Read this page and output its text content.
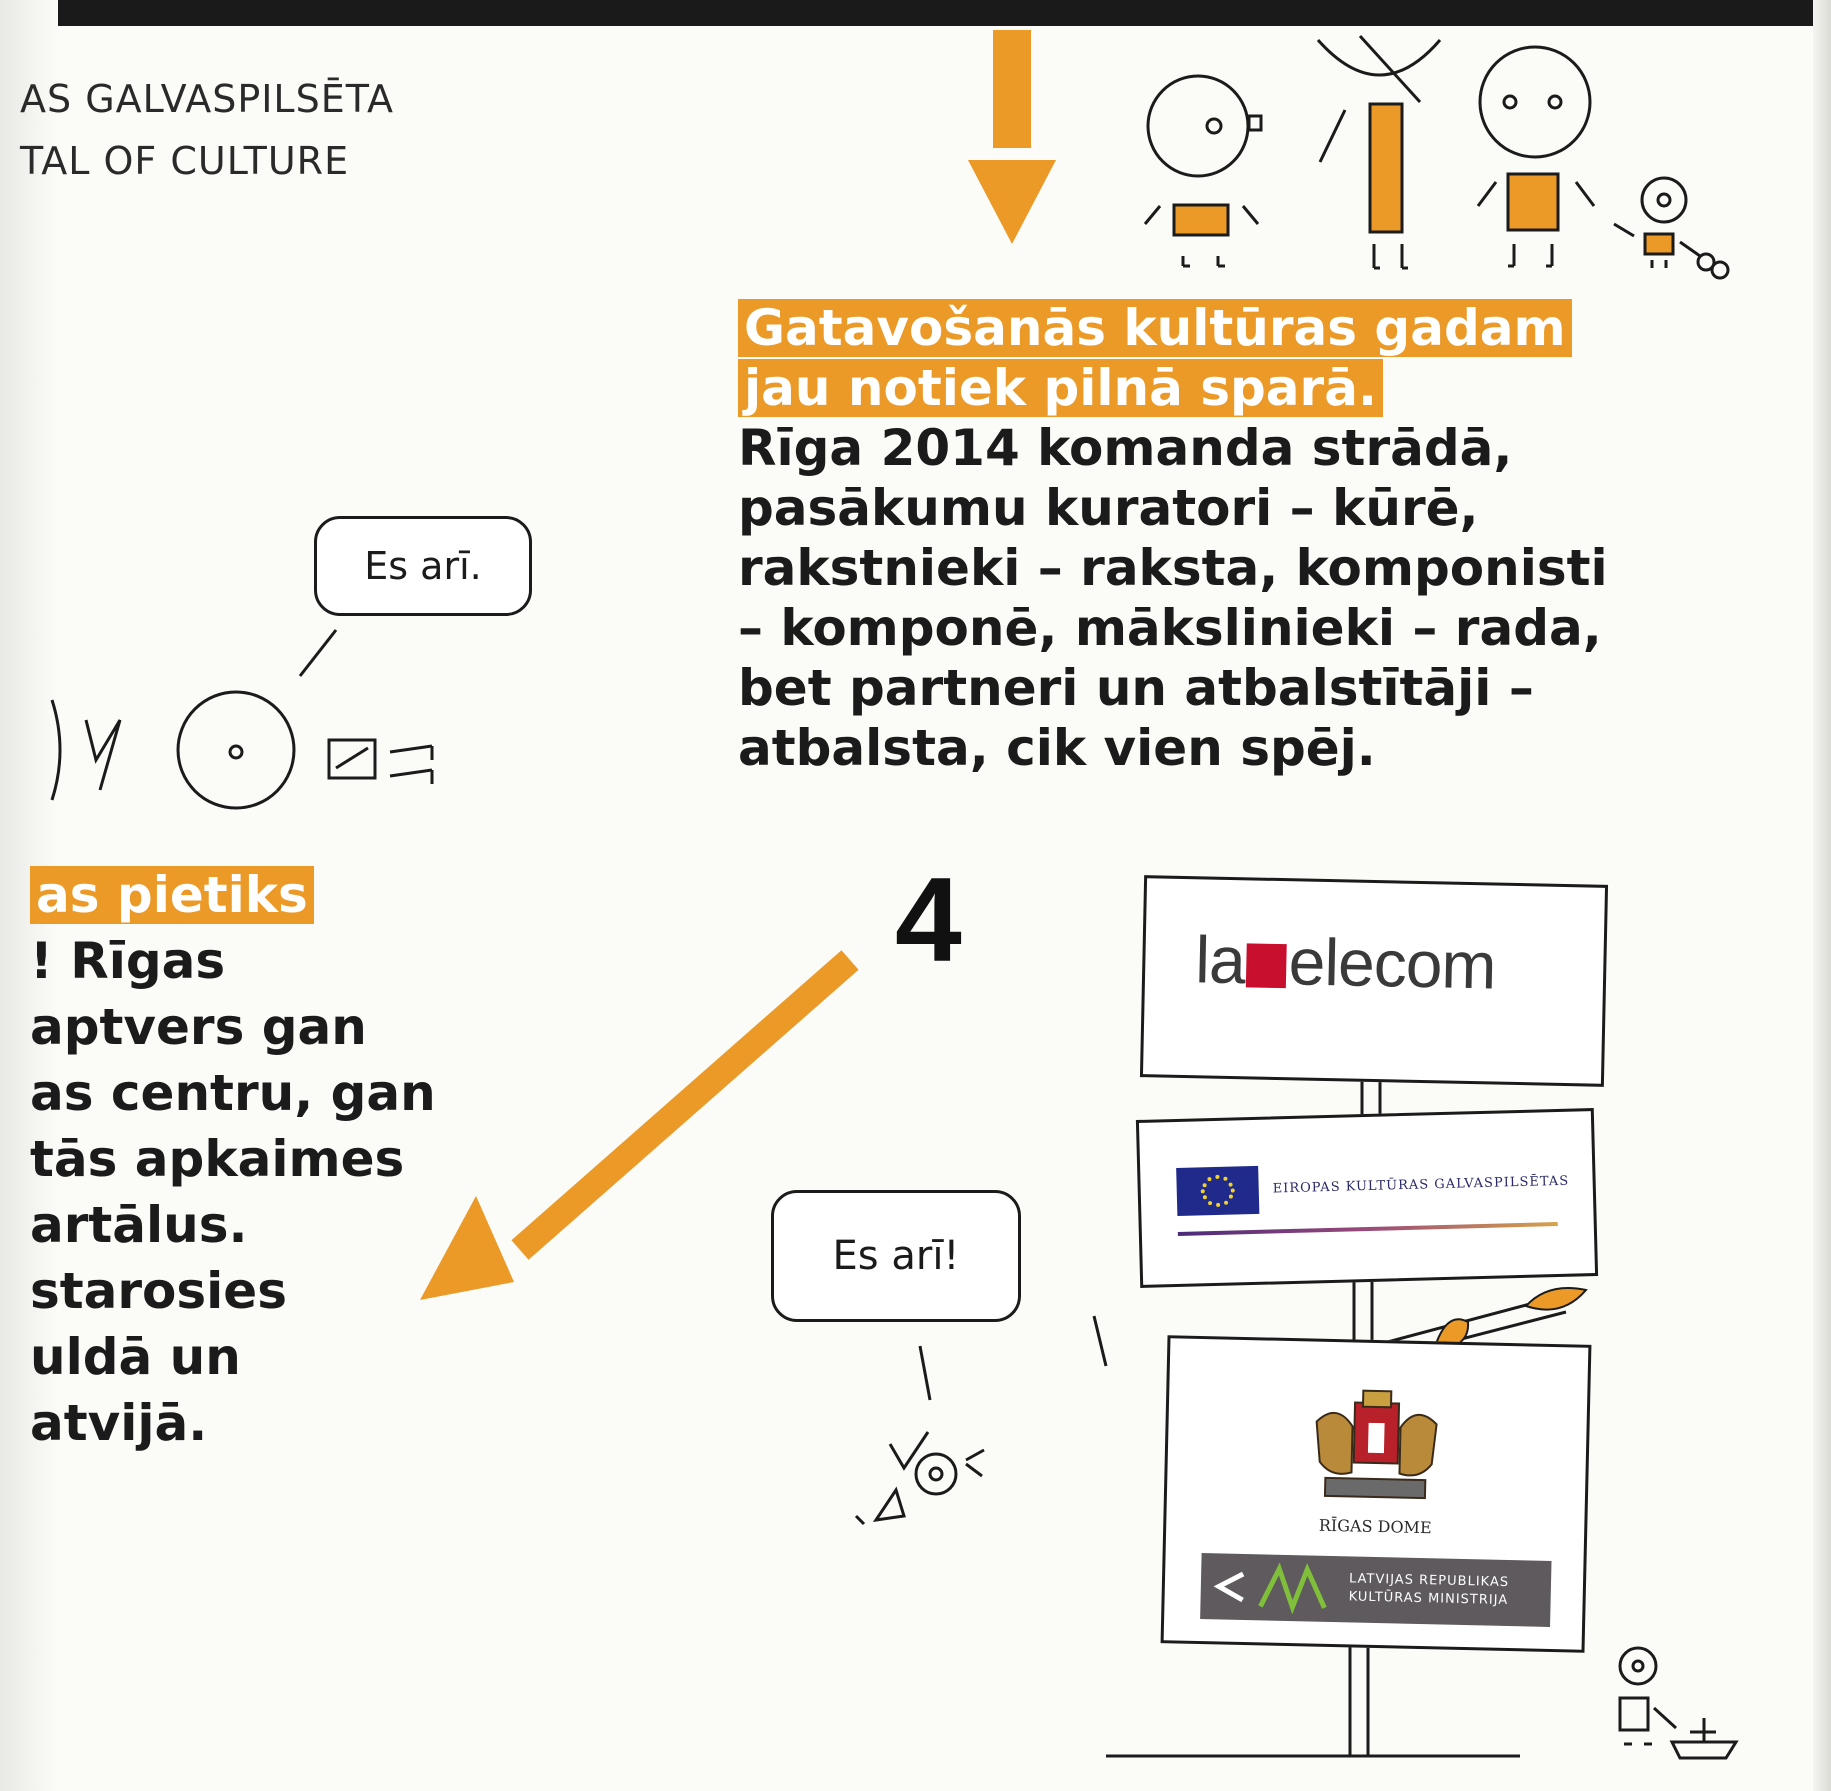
AS GALVASPILSĒTA
TAL OF CULTURE
Gatavošanās kultūras gadam
jau notiek pilnā sparā.
Rīga 2014 komanda strādā,
pasākumu kuratori – kūrē,
rakstnieki – raksta, komponisti
– komponē, mākslinieki – rada,
bet partneri un atbalstītāji –
atbalsta, cik vien spēj.
as pietiks
! Rīgas
aptvers gan
as centru, gan
tās apkaimes
artālus.
starosies
uldā un
atvijā.
4
Es arī.
Es arī!
la elecom
EIROPAS KULTŪRAS GALVASPILSĒTAS
RĪGAS DOME
LATVIJAS REPUBLIKAS
KULTŪRAS MINISTRIJA
